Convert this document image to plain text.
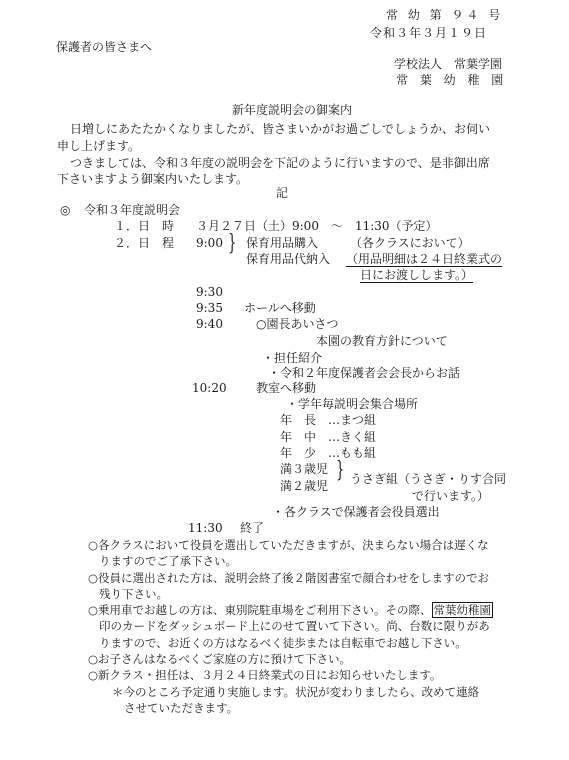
常 幼 第 ９４ 号
令和３年３月１９日
保護者の皆さまへ
学校法人　常葉学園
常 葉 幼 稚 園
新年度説明会の御案内
日増しにあたたかくなりましたが、皆さまいかがお過ごしでしょうか、お伺い
申し上げます。
つきましては、令和３年度の説明会を下記のように行いますので、是非御出席
下さいますよう御案内いたします。
記
◎ 令和３年度説明会
１．日　時 ３月２７日（土）9:00　～　11:30（予定）
２．日　程 9:00 } 保育用品購入	（各クラスにおいて）
保育用品代納入 （用品明細は２４日終業式の
日にお渡しします。）
9:30
9:35 ホールへ移動
9:40	○園長あいさつ
本園の教育方針について
・担任紹介
・令和２年度保護者会会長からお話
10:20 教室へ移動
・学年毎説明会集合場所
年　長 …まつ組
年　中 …きく組
年　少 …もも組
満３歳児
満２歳児
} うさぎ組（うさぎ・りす合同
で行います。）
・各クラスで保護者会役員選出
11:30 終了
○各クラスにおいて役員を選出していただきますが、決まらない場合は遅くな
りますのでご了承下さい。
○役員に選出された方は、説明会終了後２階図書室で顔合わせをしますのでお
残り下さい。
○乗用車でお越しの方は、東別院駐車場をご利用下さい。その際、 常葉幼稚園
印のカードをダッシュボード上にのせて置いて下さい。尚、台数に限りがあ
りますので、お近くの方はなるべく徒歩または自転車でお越し下さい。
○お子さんはなるべくご家庭の方に預けて下さい。
○新クラス・担任は、３月２４日終業式の日にお知らせいたします。
＊今のところ予定通り実施します。状況が変わりましたら、改めて連絡
させていただきます。
